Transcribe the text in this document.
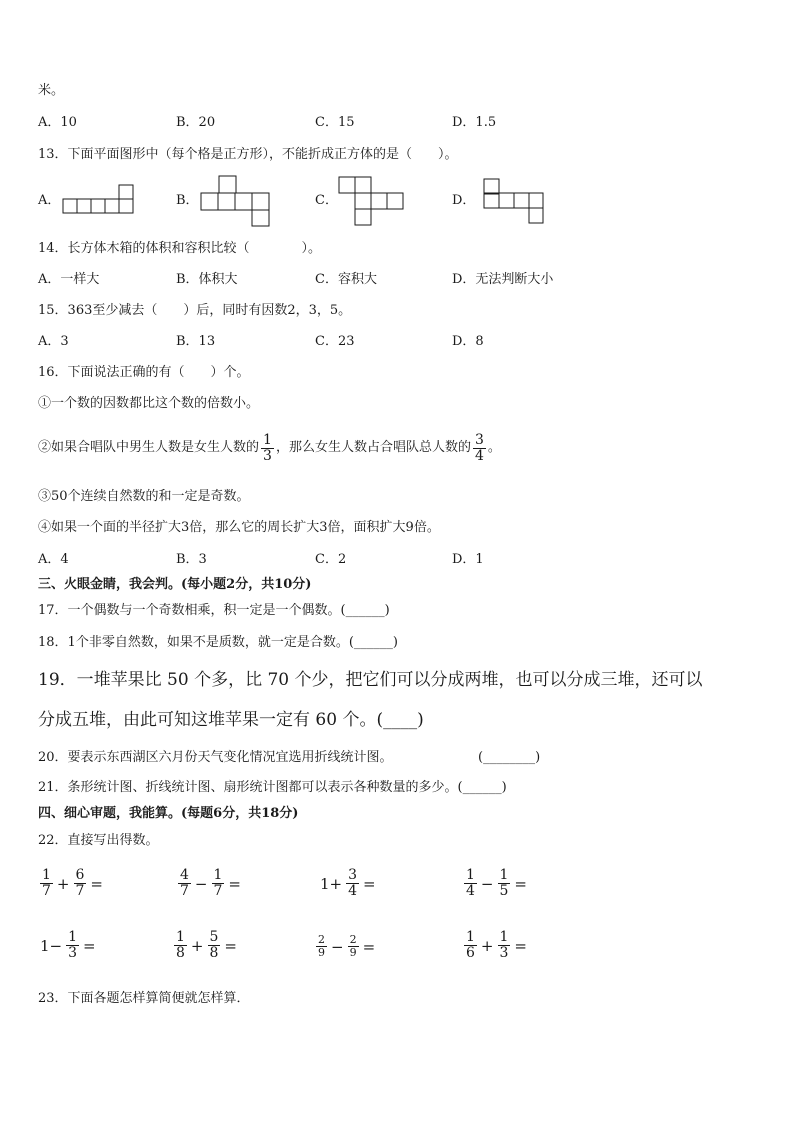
米。
A．10	B．20	C．15	D．1.5
13．下面平面图形中（每个格是正方形），不能折成正方体的是（　　）。
A．	B．	C．	D．
14．长方体木箱的体积和容积比较（　　　　）。
A．一样大	B．体积大	C．容积大	D．无法判断大小
15．363至少减去（　　）后，同时有因数2，3，5。
A．3	B．13	C．23	D．8
16．下面说法正确的有（　　）个。
①一个数的因数都比这个数的倍数小。
②如果合唱队中男生人数是女生人数的 $\frac{1}{3}$ ，那么女生人数占合唱队总人数的 $\frac{3}{4}$ 。
③50个连续自然数的和一定是奇数。
④如果一个面的半径扩大3倍，那么它的周长扩大3倍，面积扩大9倍。
A．4	B．3	C．2	D．1
三、火眼金睛，我会判。(每小题2分，共10分)
17．一个偶数与一个奇数相乘，积一定是一个偶数。(______)
18．1个非零自然数，如果不是质数，就一定是合数。(______)
19．一堆苹果比 50 个多，比 70 个少，把它们可以分成两堆，也可以分成三堆，还可以
分成五堆，由此可知这堆苹果一定有 60 个。(____)
20．要表示东西湖区六月份天气变化情况宜选用折线统计图。	(________)
21．条形统计图、折线统计图、扇形统计图都可以表示各种数量的多少。(______)
四、细心审题，我能算。(每题6分，共18分)
22．直接写出得数。
$\frac{1}{7} + \frac{6}{7}$ =	$\frac{4}{7} - \frac{1}{7}$ =	$1+ \frac{3}{4}$ =	$\frac{1}{4} - \frac{1}{5}$ =
$1- \frac{1}{3}$ =	$\frac{1}{8} + \frac{5}{8}$ =	$\frac{2}{9} - \frac{2}{9}$ =	$\frac{1}{6} + \frac{1}{3}$ =
23．下面各题怎样算简便就怎样算．
